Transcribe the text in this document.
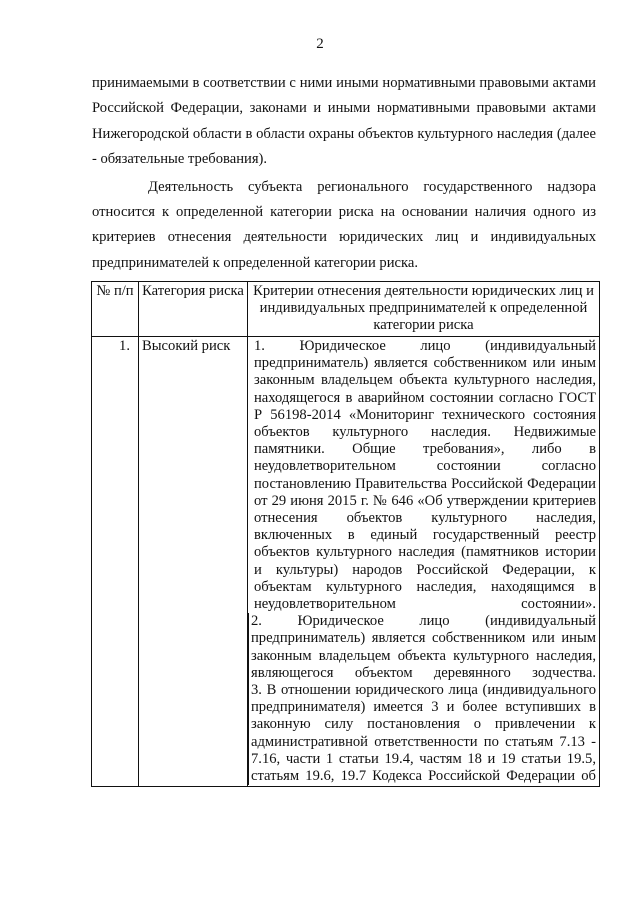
2

принимаемыми в соответствии с ними иными нормативными правовыми актами Российской Федерации, законами и иными нормативными правовыми актами Нижегородской области в области охраны объектов культурного наследия (далее - обязательные требования).

Деятельность субъекта регионального государственного надзора относится к определенной категории риска на основании наличия одного из критериев отнесения деятельности юридических лиц и индивидуальных предпринимателей к определенной категории риска.

№ п/п	Категория риска	Критерии отнесения деятельности юридических лиц и индивидуальных предпринимателей к определенной категории риска
1.	Высокий риск	1. Юридическое лицо (индивидуальный предприниматель) является собственником или иным законным владельцем объекта культурного наследия, находящегося в аварийном состоянии согласно ГОСТ Р 56198-2014 «Мониторинг технического состояния объектов культурного наследия. Недвижимые памятники. Общие требования», либо в неудовлетворительном состоянии согласно постановлению Правительства Российской Федерации от 29 июня 2015 г. № 646 «Об утверждении критериев отнесения объектов культурного наследия, включенных в единый государственный реестр объектов культурного наследия (памятников истории и культуры) народов Российской Федерации, к объектам культурного наследия, находящимся в неудовлетворительном состоянии».

2. Юридическое лицо (индивидуальный предприниматель) является собственником или иным законным владельцем объекта культурного наследия, являющегося объектом деревянного зодчества.

3. В отношении юридического лица (индивидуального предпринимателя) имеется 3 и более вступивших в законную силу постановления о привлечении к административной ответственности по статьям 7.13 - 7.16, части 1 статьи 19.4, частям 18 и 19 статьи 19.5, статьям 19.6, 19.7 Кодекса Российской Федерации об
